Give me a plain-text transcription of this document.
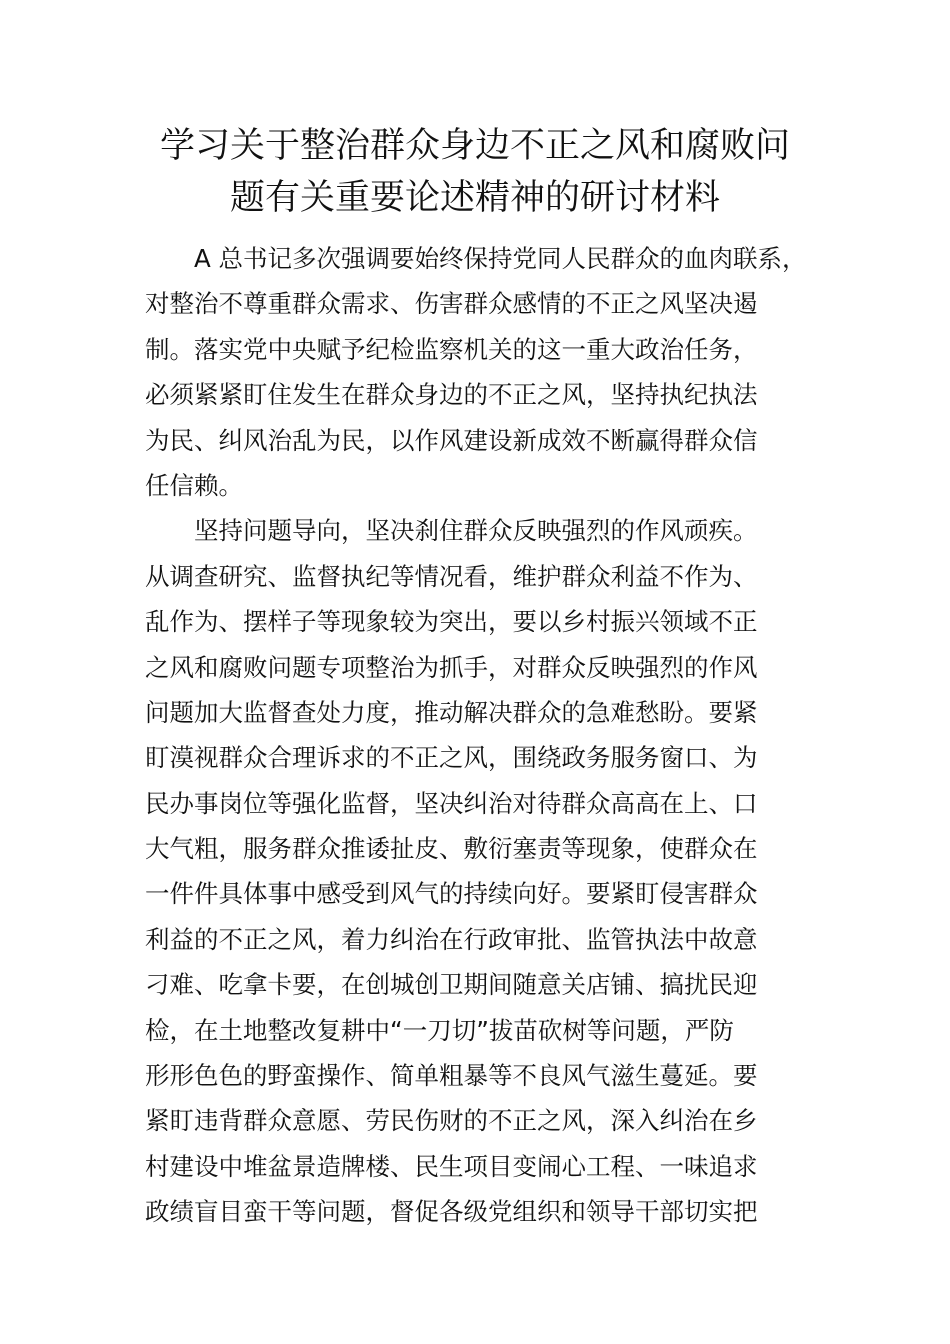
学习关于整治群众身边不正之风和腐败问
题有关重要论述精神的研讨材料
A 总书记多次强调要始终保持党同人民群众的血肉联系，
对整治不尊重群众需求、伤害群众感情的不正之风坚决遏
制。落实党中央赋予纪检监察机关的这一重大政治任务，
必须紧紧盯住发生在群众身边的不正之风，坚持执纪执法
为民、纠风治乱为民，以作风建设新成效不断赢得群众信
任信赖。
坚持问题导向，坚决刹住群众反映强烈的作风顽疾。
从调查研究、监督执纪等情况看，维护群众利益不作为、
乱作为、摆样子等现象较为突出，要以乡村振兴领域不正
之风和腐败问题专项整治为抓手，对群众反映强烈的作风
问题加大监督查处力度，推动解决群众的急难愁盼。要紧
盯漠视群众合理诉求的不正之风，围绕政务服务窗口、为
民办事岗位等强化监督，坚决纠治对待群众高高在上、口
大气粗，服务群众推诿扯皮、敷衍塞责等现象，使群众在
一件件具体事中感受到风气的持续向好。要紧盯侵害群众
利益的不正之风，着力纠治在行政审批、监管执法中故意
刁难、吃拿卡要，在创城创卫期间随意关店铺、搞扰民迎
检，在土地整改复耕中“一刀切”拔苗砍树等问题，严防
形形色色的野蛮操作、简单粗暴等不良风气滋生蔓延。要
紧盯违背群众意愿、劳民伤财的不正之风，深入纠治在乡
村建设中堆盆景造牌楼、民生项目变闹心工程、一味追求
政绩盲目蛮干等问题，督促各级党组织和领导干部切实把
